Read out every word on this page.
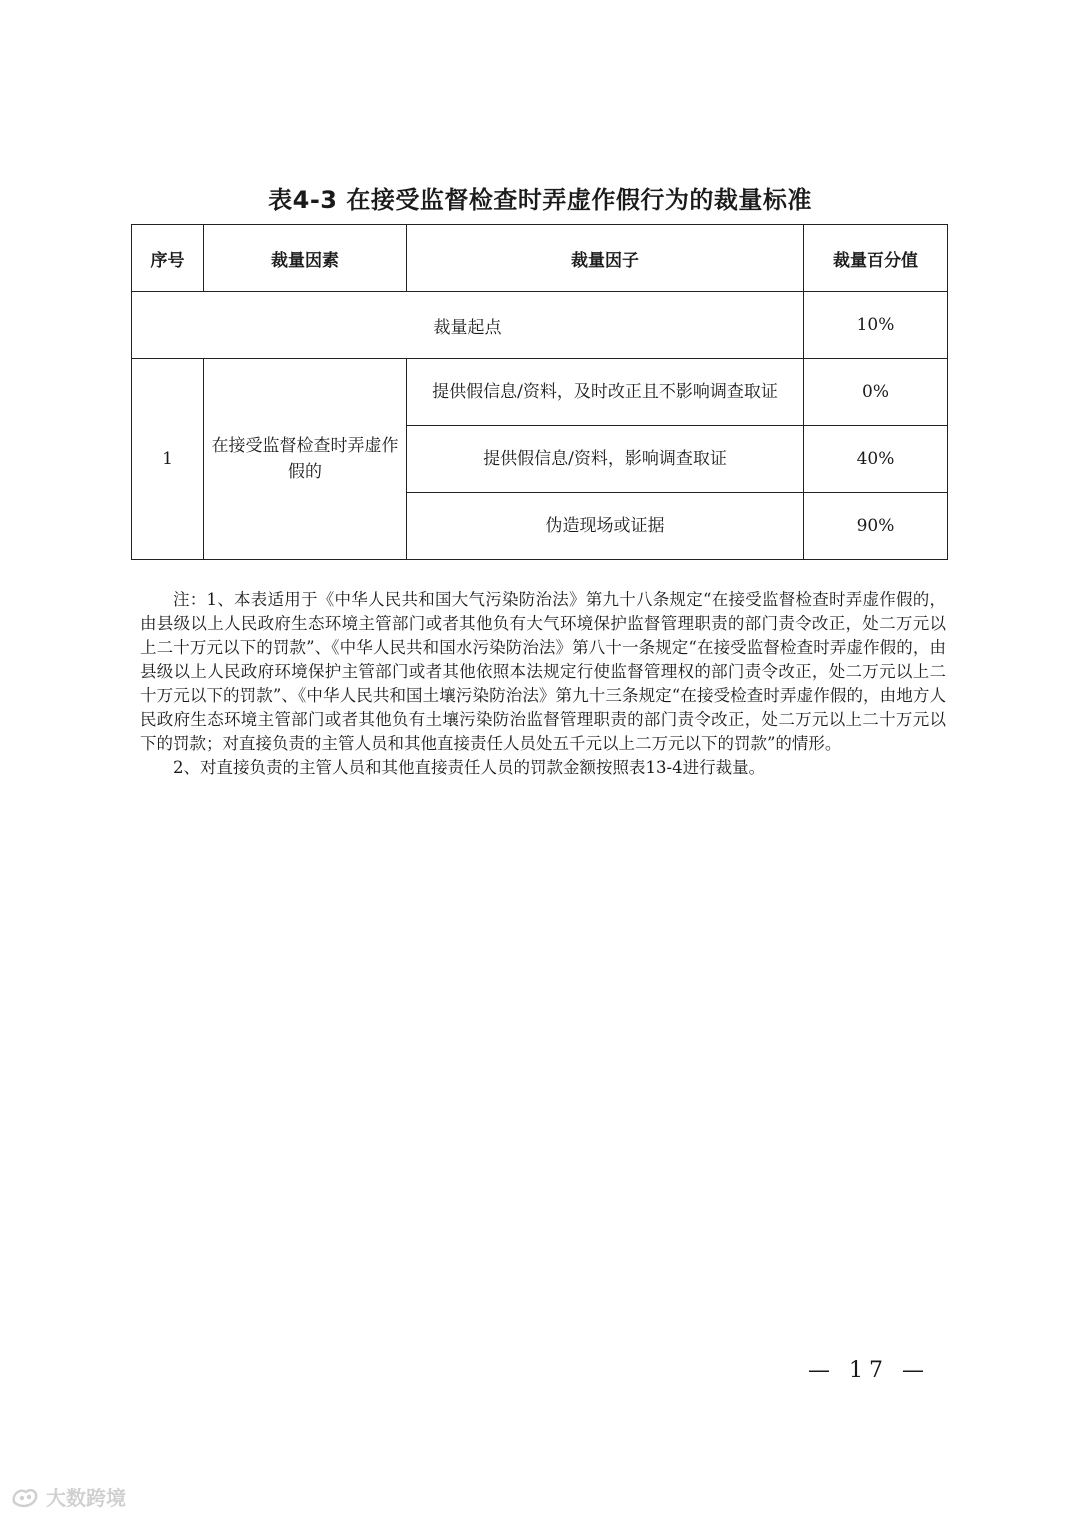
表4-3 在接受监督检查时弄虚作假行为的裁量标准
序号	裁量因素	裁量因子	裁量百分值
裁量起点			10%
1	在接受监督检查时弄虚作假的	提供假信息/资料，及时改正且不影响调查取证	0%
		提供假信息/资料，影响调查取证	40%
		伪造现场或证据	90%

注：1、本表适用于《中华人民共和国大气污染防治法》第九十八条规定“在接受监督检查时弄虚作假的，由县级以上人民政府生态环境主管部门或者其他负有大气环境保护监督管理职责的部门责令改正，处二万元以上二十万元以下的罚款”、《中华人民共和国水污染防治法》第八十一条规定“在接受监督检查时弄虚作假的，由县级以上人民政府环境保护主管部门或者其他依照本法规定行使监督管理权的部门责令改正，处二万元以上二十万元以下的罚款”、《中华人民共和国土壤污染防治法》第九十三条规定“在接受检查时弄虚作假的，由地方人民政府生态环境主管部门或者其他负有土壤污染防治监督管理职责的部门责令改正，处二万元以上二十万元以下的罚款；对直接负责的主管人员和其他直接责任人员处五千元以上二万元以下的罚款”的情形。

2、对直接负责的主管人员和其他直接责任人员的罚款金额按照表13-4进行裁量。

— 17 —
大数跨境
